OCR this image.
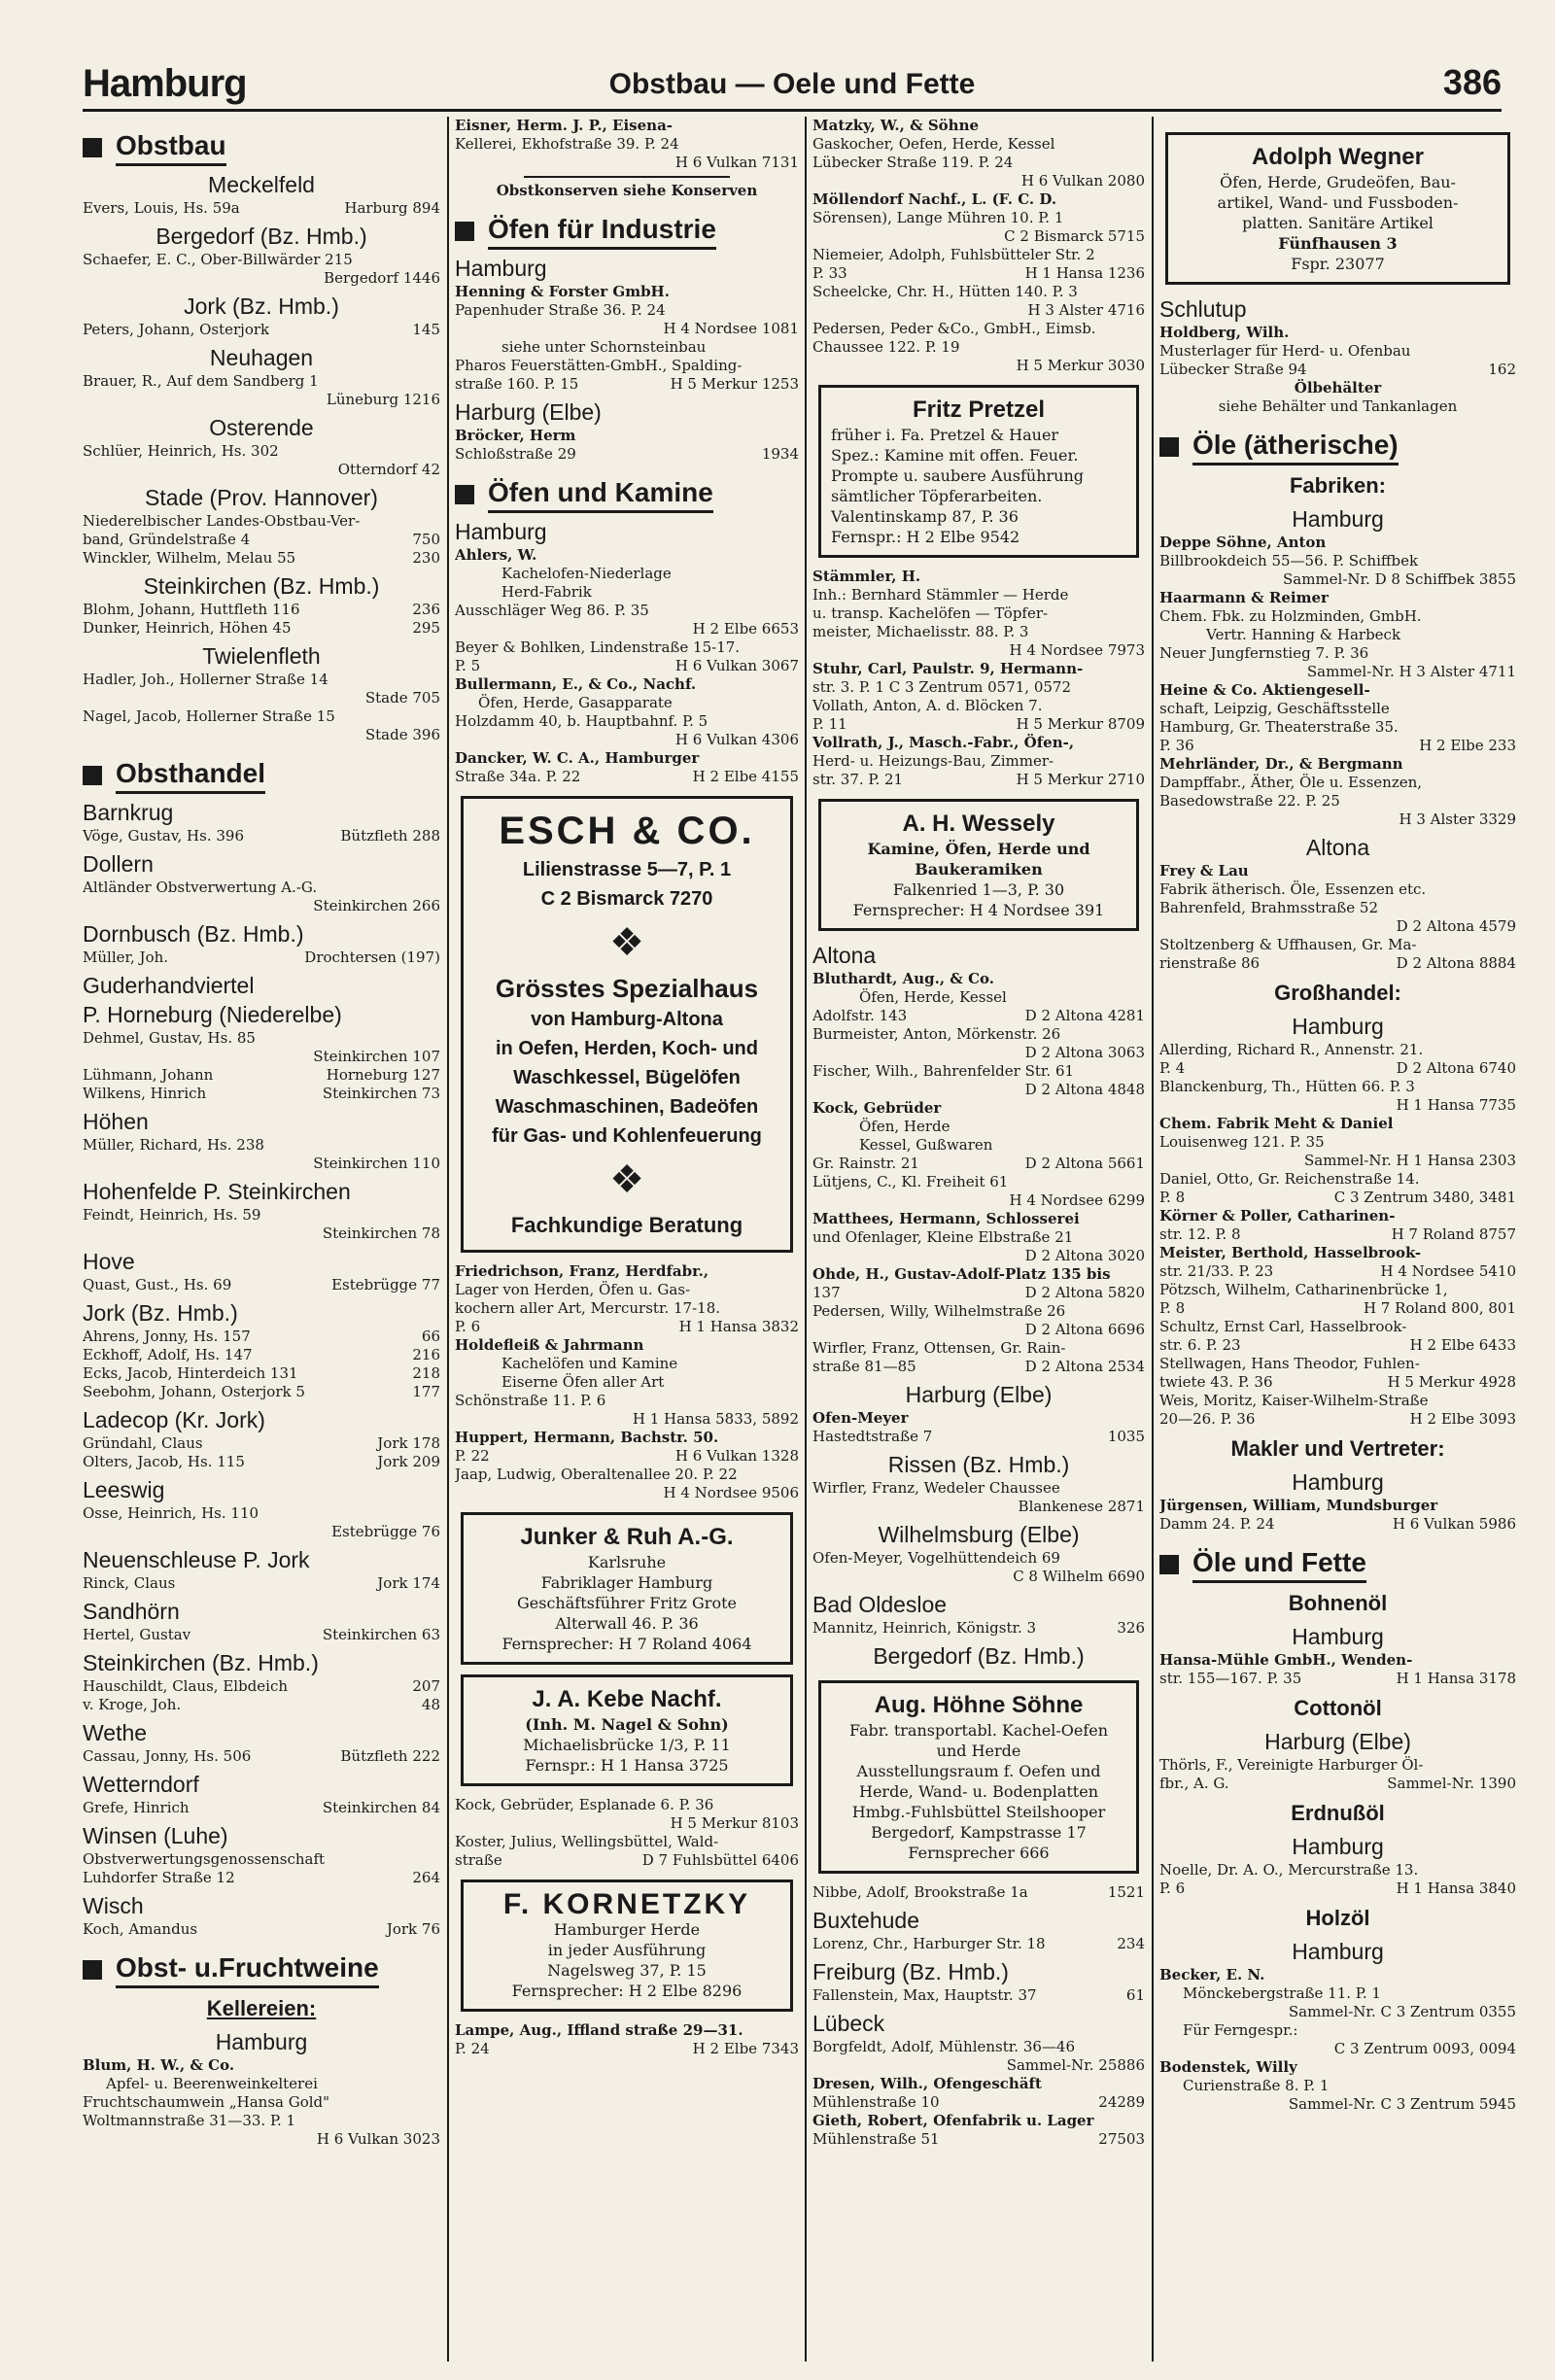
Hamburg	Obstbau — Oele und Fette	386
Obstbau
Meckelfeld
Evers, Louis, Hs. 59a	Harburg 894
Bergedorf (Bz. Hmb.)
Schaefer, E. C., Ober-Billwärder 215
Bergedorf 1446
Jork (Bz. Hmb.)
Peters, Johann, Osterjork	145
Neuhagen
Brauer, R., Auf dem Sandberg 1
Lüneburg 1216
Osterende
Schlüer, Heinrich, Hs. 302
Otterndorf 42
Stade (Prov. Hannover)
Niederelbischer Landes-Obstbau-Ver-
band, Gründelstraße 4	750
Winckler, Wilhelm, Melau 55	230
Steinkirchen (Bz. Hmb.)
Blohm, Johann, Huttfleth 116	236
Dunker, Heinrich, Höhen 45	295
Twielenfleth
Hadler, Joh., Hollerner Straße 14
Stade 705
Nagel, Jacob, Hollerner Straße 15
Stade 396
Obsthandel
Barnkrug
Vöge, Gustav, Hs. 396	Bützfleth 288
Dollern
Altländer Obstverwertung A.-G.
Steinkirchen 266
Dornbusch (Bz. Hmb.)
Müller, Joh.	Drochtersen (197)
Guderhandviertel
P. Horneburg (Niederelbe)
Dehmel, Gustav, Hs. 85
Steinkirchen 107
Lühmann, Johann	Horneburg 127
Wilkens, Hinrich	Steinkirchen 73
Höhen
Müller, Richard, Hs. 238
Steinkirchen 110
Hohenfelde P. Steinkirchen
Feindt, Heinrich, Hs. 59
Steinkirchen 78
Hove
Quast, Gust., Hs. 69	Estebrügge 77
Jork (Bz. Hmb.)
Ahrens, Jonny, Hs. 157	66
Eckhoff, Adolf, Hs. 147	216
Ecks, Jacob, Hinterdeich 131	218
Seebohm, Johann, Osterjork 5	177
Ladecop (Kr. Jork)
Gründahl, Claus	Jork 178
Olters, Jacob, Hs. 115	Jork 209
Leeswig
Osse, Heinrich, Hs. 110
Estebrügge 76
Neuenschleuse P. Jork
Rinck, Claus	Jork 174
Sandhörn
Hertel, Gustav	Steinkirchen 63
Steinkirchen (Bz. Hmb.)
Hauschildt, Claus, Elbdeich	207
v. Kroge, Joh.	48
Wethe
Cassau, Jonny, Hs. 506	Bützfleth 222
Wetterndorf
Grefe, Hinrich	Steinkirchen 84
Winsen (Luhe)
Obstverwertungsgenossenschaft
Luhdorfer Straße 12	264
Wisch
Koch, Amandus	Jork 76
Obst- u.Fruchtweine
Kellereien:
Hamburg
Blum, H. W., & Co.
Apfel- u. Beerenweinkelterei
Fruchtschaumwein „Hansa Gold"
Woltmannstraße 31—33. P. 1
H 6 Vulkan 3023
Eisner, Herm. J. P., Eisena-
Kellerei, Ekhofstraße 39. P. 24
H 6 Vulkan 7131
Obstkonserven siehe Konserven
Öfen für Industrie
Hamburg
Henning & Forster GmbH.
Papenhuder Straße 36. P. 24
H 4 Nordsee 1081
siehe unter Schornsteinbau
Pharos Feuerstätten-GmbH., Spalding-
straße 160. P. 15	H 5 Merkur 1253
Harburg (Elbe)
Bröcker, Herm
Schloßstraße 29	1934
Öfen und Kamine
Hamburg
Ahlers, W.
Kachelofen-Niederlage
Herd-Fabrik
Ausschläger Weg 86. P. 35
H 2 Elbe 6653
Beyer & Bohlken, Lindenstraße 15-17.
P. 5	H 6 Vulkan 3067
Bullermann, E., & Co., Nachf.
Öfen, Herde, Gasapparate
Holzdamm 40, b. Hauptbahnf. P. 5
H 6 Vulkan 4306
Dancker, W. C. A., Hamburger
Straße 34a. P. 22	H 2 Elbe 4155
ESCH & CO.
Lilienstrasse 5—7, P. 1
C 2 Bismarck 7270
❖
Grösstes Spezialhaus
von Hamburg-Altona
in Oefen, Herden, Koch- und
Waschkessel, Bügelöfen
Waschmaschinen, Badeöfen
für Gas- und Kohlenfeuerung
❖
Fachkundige Beratung
Friedrichson, Franz, Herdfabr.,
Lager von Herden, Öfen u. Gas-
kochern aller Art, Mercurstr. 17-18.
P. 6	H 1 Hansa 3832
Holdefleiß & Jahrmann
Kachelöfen und Kamine
Eiserne Öfen aller Art
Schönstraße 11. P. 6
H 1 Hansa 5833, 5892
Huppert, Hermann, Bachstr. 50.
P. 22	H 6 Vulkan 1328
Jaap, Ludwig, Oberaltenallee 20. P. 22
H 4 Nordsee 9506
Junker & Ruh A.-G.
Karlsruhe
Fabriklager Hamburg
Geschäftsführer Fritz Grote
Alterwall 46. P. 36
Fernsprecher: H 7 Roland 4064
J. A. Kebe Nachf.
(Inh. M. Nagel & Sohn)
Michaelisbrücke 1/3, P. 11
Fernspr.: H 1 Hansa 3725
Kock, Gebrüder, Esplanade 6. P. 36
H 5 Merkur 8103
Koster, Julius, Wellingsbüttel, Wald-
straße	D 7 Fuhlsbüttel 6406
F. KORNETZKY
Hamburger Herde
in jeder Ausführung
Nagelsweg 37, P. 15
Fernsprecher: H 2 Elbe 8296
Lampe, Aug., Iffland straße 29—31.
P. 24	H 2 Elbe 7343
Matzky, W., & Söhne
Gaskocher, Oefen, Herde, Kessel
Lübecker Straße 119. P. 24
H 6 Vulkan 2080
Möllendorf Nachf., L. (F. C. D.
Sörensen), Lange Mühren 10. P. 1
C 2 Bismarck 5715
Niemeier, Adolph, Fuhlsbütteler Str. 2
P. 33	H 1 Hansa 1236
Scheelcke, Chr. H., Hütten 140. P. 3
H 3 Alster 4716
Pedersen, Peder &Co., GmbH., Eimsb.
Chaussee 122. P. 19
H 5 Merkur 3030
Fritz Pretzel
früher i. Fa. Pretzel & Hauer
Spez.: Kamine mit offen. Feuer.
Prompte u. saubere Ausführung
sämtlicher Töpferarbeiten.
Valentinskamp 87, P. 36
Fernspr.: H 2 Elbe 9542
Stämmler, H.
Inh.: Bernhard Stämmler — Herde
u. transp. Kachelöfen — Töpfer-
meister, Michaelisstr. 88. P. 3
H 4 Nordsee 7973
Stuhr, Carl, Paulstr. 9, Hermann-
str. 3. P. 1 C 3 Zentrum 0571, 0572
Vollath, Anton, A. d. Blöcken 7.
P. 11	H 5 Merkur 8709
Vollrath, J., Masch.-Fabr., Öfen-,
Herd- u. Heizungs-Bau, Zimmer-
str. 37. P. 21	H 5 Merkur 2710
A. H. Wessely
Kamine, Öfen, Herde und
Baukeramiken
Falkenried 1—3, P. 30
Fernsprecher: H 4 Nordsee 391
Altona
Bluthardt, Aug., & Co.
Öfen, Herde, Kessel
Adolfstr. 143	D 2 Altona 4281
Burmeister, Anton, Mörkenstr. 26
D 2 Altona 3063
Fischer, Wilh., Bahrenfelder Str. 61
D 2 Altona 4848
Kock, Gebrüder
Öfen, Herde
Kessel, Gußwaren
Gr. Rainstr. 21	D 2 Altona 5661
Lütjens, C., Kl. Freiheit 61
H 4 Nordsee 6299
Matthees, Hermann, Schlosserei
und Ofenlager, Kleine Elbstraße 21
D 2 Altona 3020
Ohde, H., Gustav-Adolf-Platz 135 bis
137	D 2 Altona 5820
Pedersen, Willy, Wilhelmstraße 26
D 2 Altona 6696
Wirfler, Franz, Ottensen, Gr. Rain-
straße 81—85	D 2 Altona 2534
Harburg (Elbe)
Ofen-Meyer
Hastedtstraße 7	1035
Rissen (Bz. Hmb.)
Wirfler, Franz, Wedeler Chaussee
Blankenese 2871
Wilhelmsburg (Elbe)
Ofen-Meyer, Vogelhüttendeich 69
C 8 Wilhelm 6690
Bad Oldesloe
Mannitz, Heinrich, Königstr. 3	326
Bergedorf (Bz. Hmb.)
Aug. Höhne Söhne
Fabr. transportabl. Kachel-Oefen
und Herde
Ausstellungsraum f. Oefen und
Herde, Wand- u. Bodenplatten
Hmbg.-Fuhlsbüttel Steilshooper
Bergedorf, Kampstrasse 17
Fernsprecher 666
Nibbe, Adolf, Brookstraße 1a	1521
Buxtehude
Lorenz, Chr., Harburger Str. 18	234
Freiburg (Bz. Hmb.)
Fallenstein, Max, Hauptstr. 37	61
Lübeck
Borgfeldt, Adolf, Mühlenstr. 36—46
Sammel-Nr. 25886
Dresen, Wilh., Ofengeschäft
Mühlenstraße 10	24289
Gieth, Robert, Ofenfabrik u. Lager
Mühlenstraße 51	27503
Adolph Wegner
Öfen, Herde, Grudeöfen, Bau-
artikel, Wand- und Fussboden-
platten. Sanitäre Artikel
Fünfhausen 3
Fspr. 23077
Schlutup
Holdberg, Wilh.
Musterlager für Herd- u. Ofenbau
Lübecker Straße 94	162
Ölbehälter
siehe Behälter und Tankanlagen
Öle (ätherische)
Fabriken:
Hamburg
Deppe Söhne, Anton
Billbrookdeich 55—56. P. Schiffbek
Sammel-Nr. D 8 Schiffbek 3855
Haarmann & Reimer
Chem. Fbk. zu Holzminden, GmbH.
Vertr. Hanning & Harbeck
Neuer Jungfernstieg 7. P. 36
Sammel-Nr. H 3 Alster 4711
Heine & Co. Aktiengesell-
schaft, Leipzig, Geschäftsstelle
Hamburg, Gr. Theaterstraße 35.
P. 36	H 2 Elbe 233
Mehrländer, Dr., & Bergmann
Dampffabr., Äther, Öle u. Essenzen,
Basedowstraße 22. P. 25
H 3 Alster 3329
Altona
Frey & Lau
Fabrik ätherisch. Öle, Essenzen etc.
Bahrenfeld, Brahmsstraße 52
D 2 Altona 4579
Stoltzenberg & Uffhausen, Gr. Ma-
rienstraße 86	D 2 Altona 8884
Großhandel:
Hamburg
Allerding, Richard R., Annenstr. 21.
P. 4	D 2 Altona 6740
Blanckenburg, Th., Hütten 66. P. 3
H 1 Hansa 7735
Chem. Fabrik Meht & Daniel
Louisenweg 121. P. 35
Sammel-Nr. H 1 Hansa 2303
Daniel, Otto, Gr. Reichenstraße 14.
P. 8	C 3 Zentrum 3480, 3481
Körner & Poller, Catharinen-
str. 12. P. 8	H 7 Roland 8757
Meister, Berthold, Hasselbrook-
str. 21/33. P. 23	H 4 Nordsee 5410
Pötzsch, Wilhelm, Catharinenbrücke 1,
P. 8	H 7 Roland 800, 801
Schultz, Ernst Carl, Hasselbrook-
str. 6. P. 23	H 2 Elbe 6433
Stellwagen, Hans Theodor, Fuhlen-
twiete 43. P. 36	H 5 Merkur 4928
Weis, Moritz, Kaiser-Wilhelm-Straße
20—26. P. 36	H 2 Elbe 3093
Makler und Vertreter:
Hamburg
Jürgensen, William, Mundsburger
Damm 24. P. 24	H 6 Vulkan 5986
Öle und Fette
Bohnenöl
Hamburg
Hansa-Mühle GmbH., Wenden-
str. 155—167. P. 35	H 1 Hansa 3178
Cottonöl
Harburg (Elbe)
Thörls, F., Vereinigte Harburger Öl-
fbr., A. G.	Sammel-Nr. 1390
Erdnußöl
Hamburg
Noelle, Dr. A. O., Mercurstraße 13.
P. 6	H 1 Hansa 3840
Holzöl
Hamburg
Becker, E. N.
Mönckebergstraße 11. P. 1
Sammel-Nr. C 3 Zentrum 0355
Für Ferngespr.:
C 3 Zentrum 0093, 0094
Bodenstek, Willy
Curienstraße 8. P. 1
Sammel-Nr. C 3 Zentrum 5945
